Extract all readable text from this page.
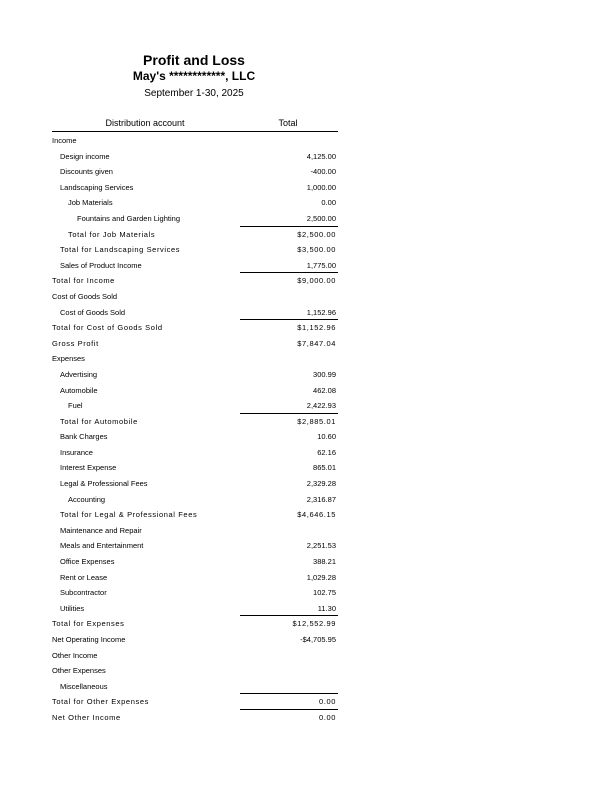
Profit and Loss
May's ************, LLC
September 1-30, 2025
Distribution account	Total
Income
Design income	4,125.00
Discounts given	-400.00
Landscaping Services	1,000.00
Job Materials	0.00
Fountains and Garden Lighting	2,500.00
Total for Job Materials	$2,500.00
Total for Landscaping Services	$3,500.00
Sales of Product Income	1,775.00
Total for Income	$9,000.00
Cost of Goods Sold
Cost of Goods Sold	1,152.96
Total for Cost of Goods Sold	$1,152.96
Gross Profit	$7,847.04
Expenses
Advertising	300.99
Automobile	462.08
Fuel	2,422.93
Total for Automobile	$2,885.01
Bank Charges	10.60
Insurance	62.16
Interest Expense	865.01
Legal & Professional Fees	2,329.28
Accounting	2,316.87
Total for Legal & Professional Fees	$4,646.15
Maintenance and Repair
Meals and Entertainment	2,251.53
Office Expenses	388.21
Rent or Lease	1,029.28
Subcontractor	102.75
Utilities	11.30
Total for Expenses	$12,552.99
Net Operating Income	-$4,705.95
Other Income
Other Expenses
Miscellaneous
Total for Other Expenses	0.00
Net Other Income	0.00
